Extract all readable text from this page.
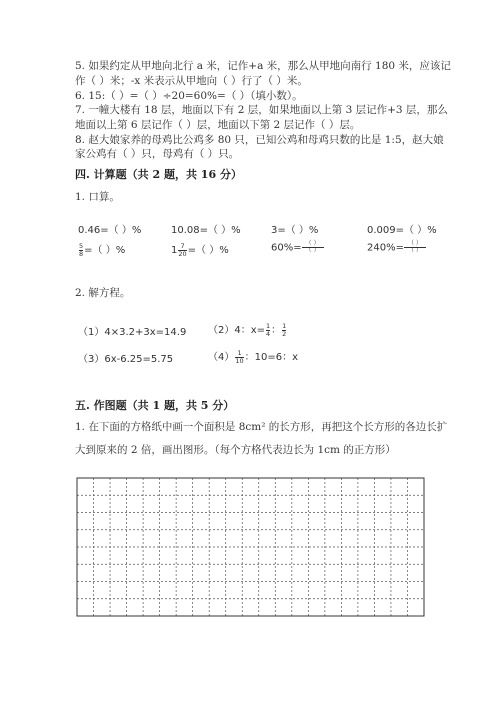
5. 如果约定从甲地向北行 a 米，记作+a 米，那么从甲地向南行 180 米，应该记
作（ ）米；-x 米表示从甲地向（ ）行了（ ）米。
6. 15:（ ）=（ ）÷20=60%=（ ）（填小数）。
7. 一幢大楼有 18 层，地面以下有 2 层，如果地面以上第 3 层记作+3 层，那么
地面以上第 6 层记作（ ）层，地面以下第 2 层记作（ ）层。
8. 赵大娘家养的母鸡比公鸡多 80 只，已知公鸡和母鸡只数的比是 1:5，赵大娘
家公鸡有（ ）只，母鸡有（ ）只。
四. 计算题（共 2 题，共 16 分）
1. 口算。
0.46=（ ）%	10.08=（ ）%	3=（ ）%	0.009=（ ）%
$\frac{5}{8}$ =（ ）%	$1 \frac{7}{20}$ =（ ）%	60%= （ ）
（ ）	240%= （ ）
（ ）
2. 解方程。
（1）4×3.2+3x=14.9 （2）4：$x= \frac{1}{4}$ ： $\frac{1}{2}$
（3）6x-6.25=5.75	$(4) \frac{1}{10}$ ：10=6：x
五. 作图题（共 1 题，共 5 分）
1. 在下面的方格纸中画一个面积是 8cm² 的长方形，再把这个长方形的各边长扩
大到原来的 2 倍，画出图形。（每个方格代表边长为 1cm 的正方形）
